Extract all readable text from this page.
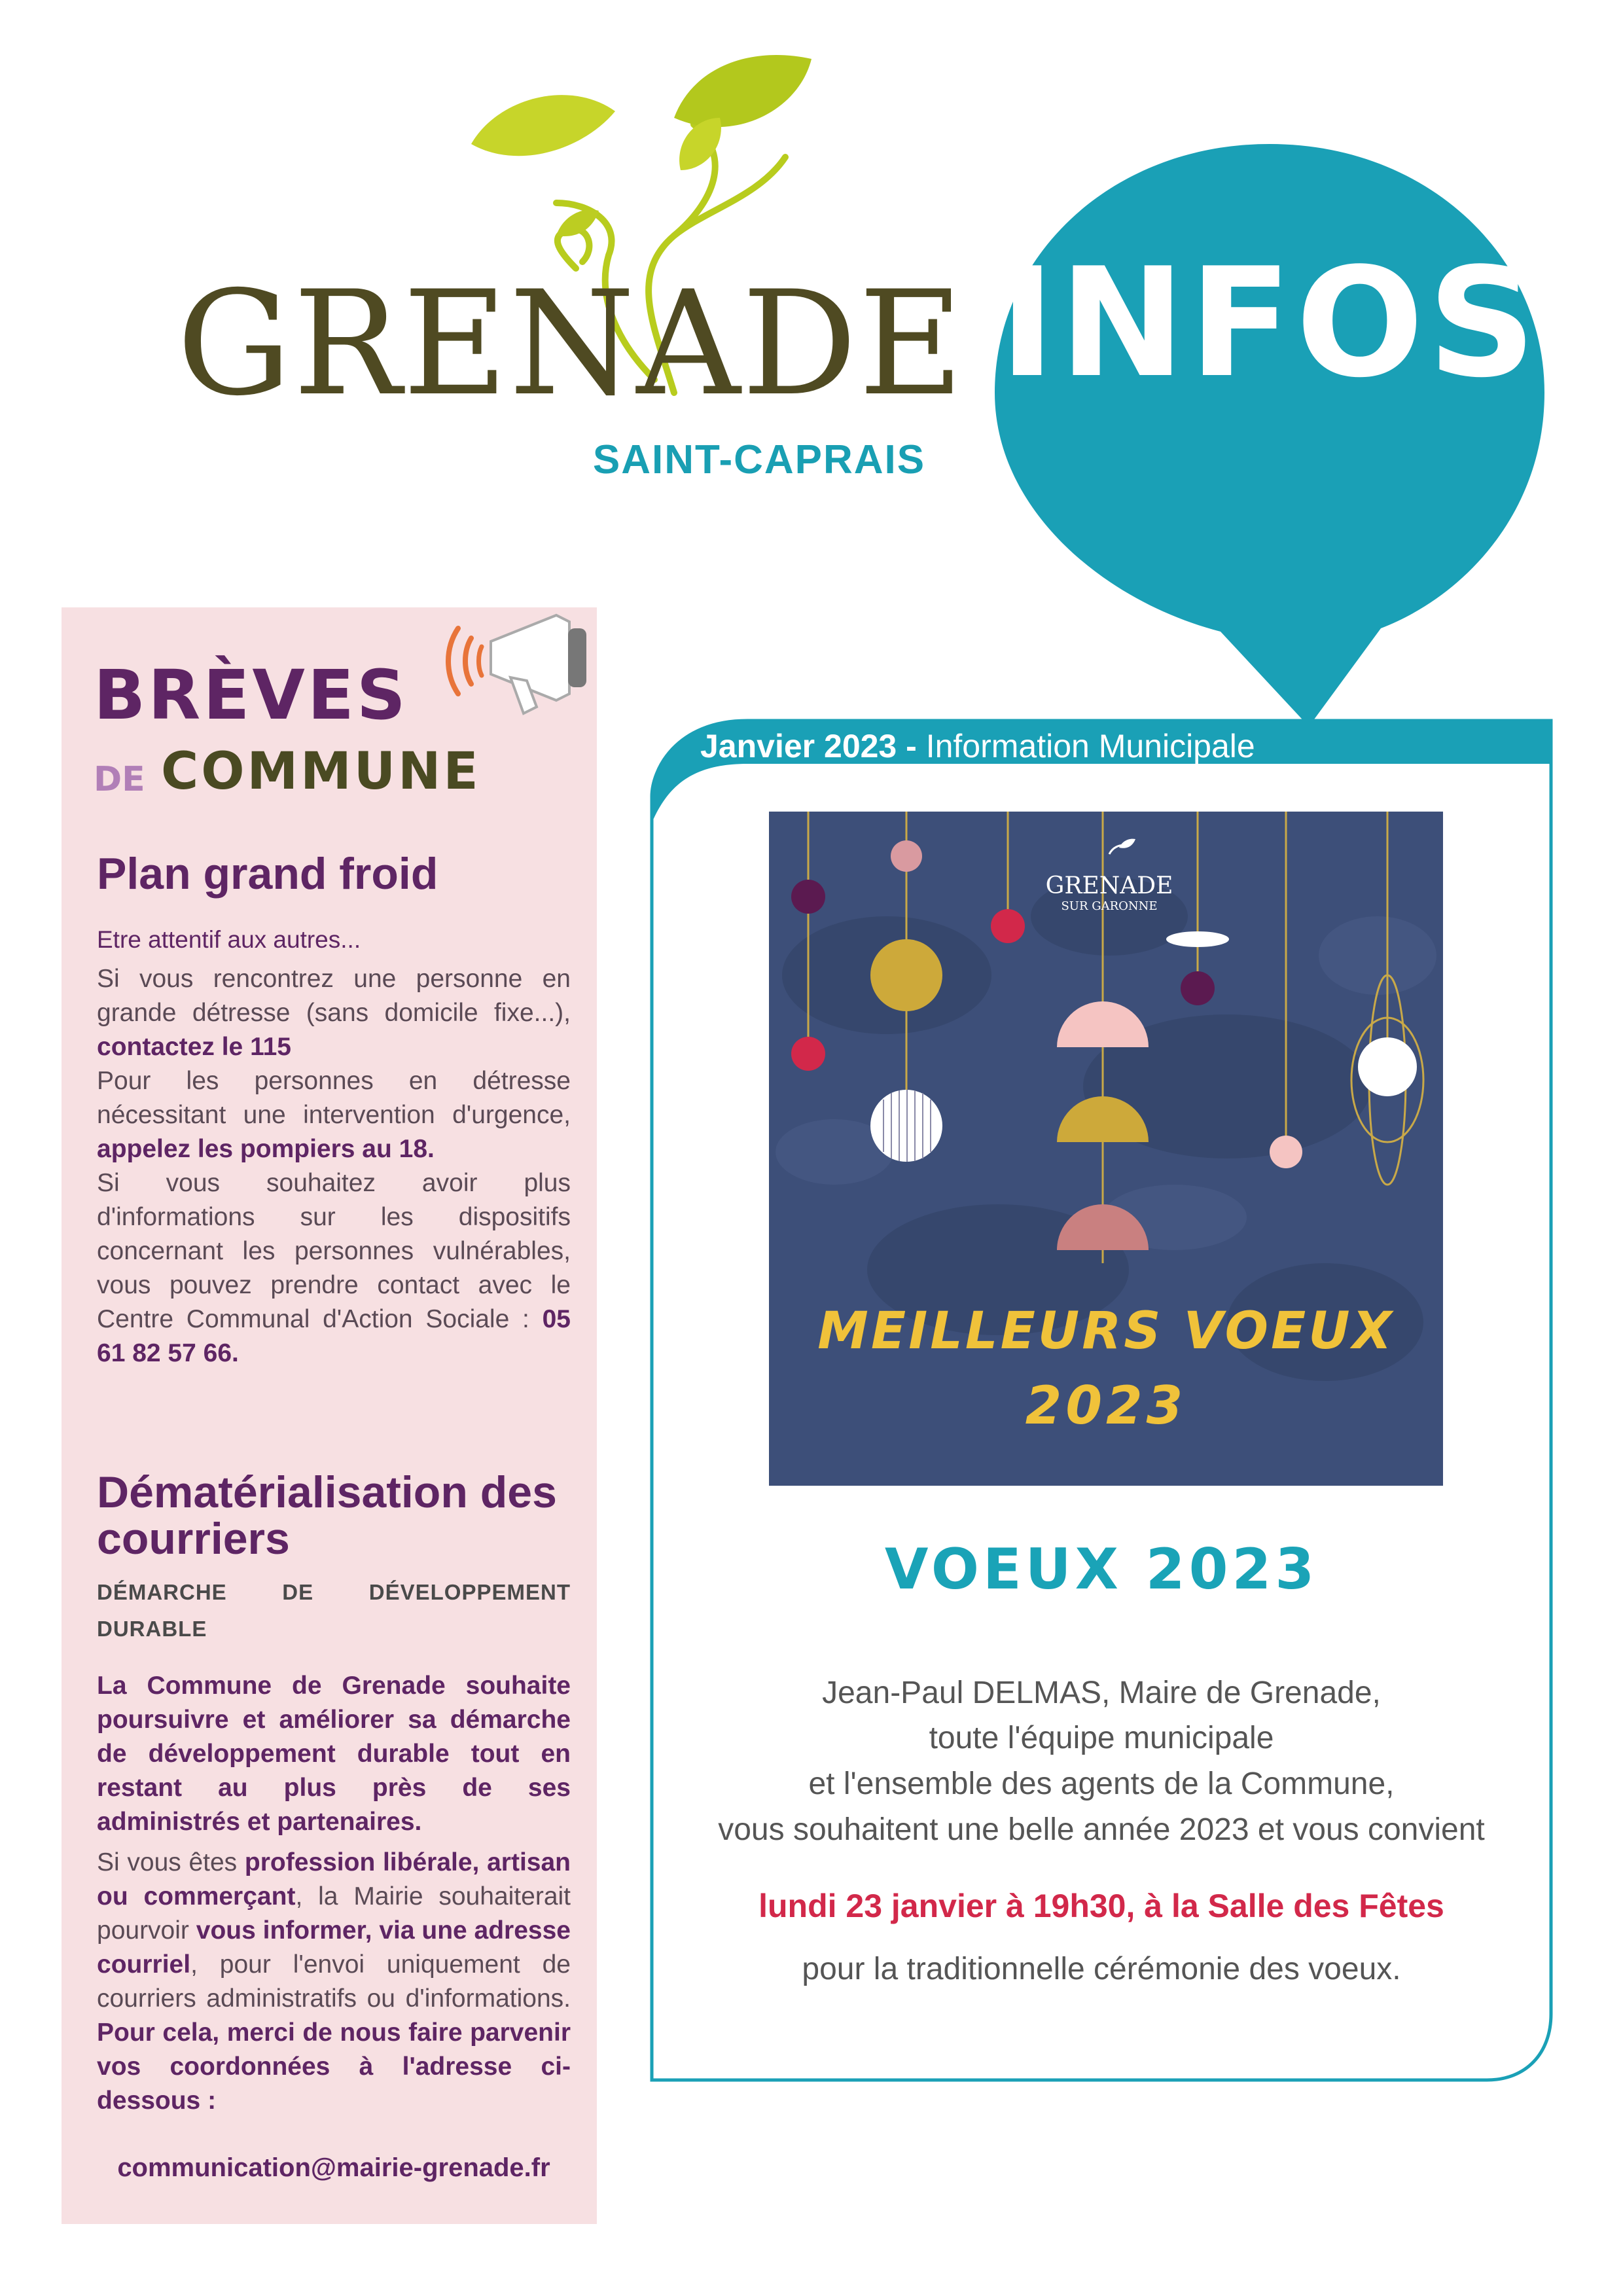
GRENADE
SAINT-CAPRAIS
INFOS
BRÈVES
DE COMMUNE
Plan grand froid
Etre attentif aux autres...
Si vous rencontrez une personne en grande détresse (sans domicile fixe...), contactez le 115
Pour les personnes en détresse nécessitant une intervention d'urgence, appelez les pompiers au 18.
Si vous souhaitez avoir plus d'informations sur les dispositifs concernant les personnes vulnérables, vous pouvez prendre contact avec le Centre Communal d'Action Sociale : 05 61 82 57 66.
Dématérialisation des courriers
DÉMARCHE DE DÉVELOPPEMENT DURABLE
La Commune de Grenade souhaite poursuivre et améliorer sa démarche de développement durable tout en restant au plus près de ses administrés et partenaires.
Si vous êtes profession libérale, artisan ou commerçant, la Mairie souhaiterait pourvoir vous informer, via une adresse courriel, pour l'envoi uniquement de courriers administratifs ou d'informations. Pour cela, merci de nous faire parvenir vos coordonnées à l'adresse ci-dessous :
communication@mairie-grenade.fr
Janvier 2023 - Information Municipale
GRENADE
SUR GARONNE
MEILLEURS VOEUX
2023
VOEUX 2023
Jean-Paul DELMAS, Maire de Grenade,
toute l'équipe municipale
et l'ensemble des agents de la Commune,
vous souhaitent une belle année 2023 et vous convient
lundi 23 janvier à 19h30, à la Salle des Fêtes
pour la traditionnelle cérémonie des voeux.
